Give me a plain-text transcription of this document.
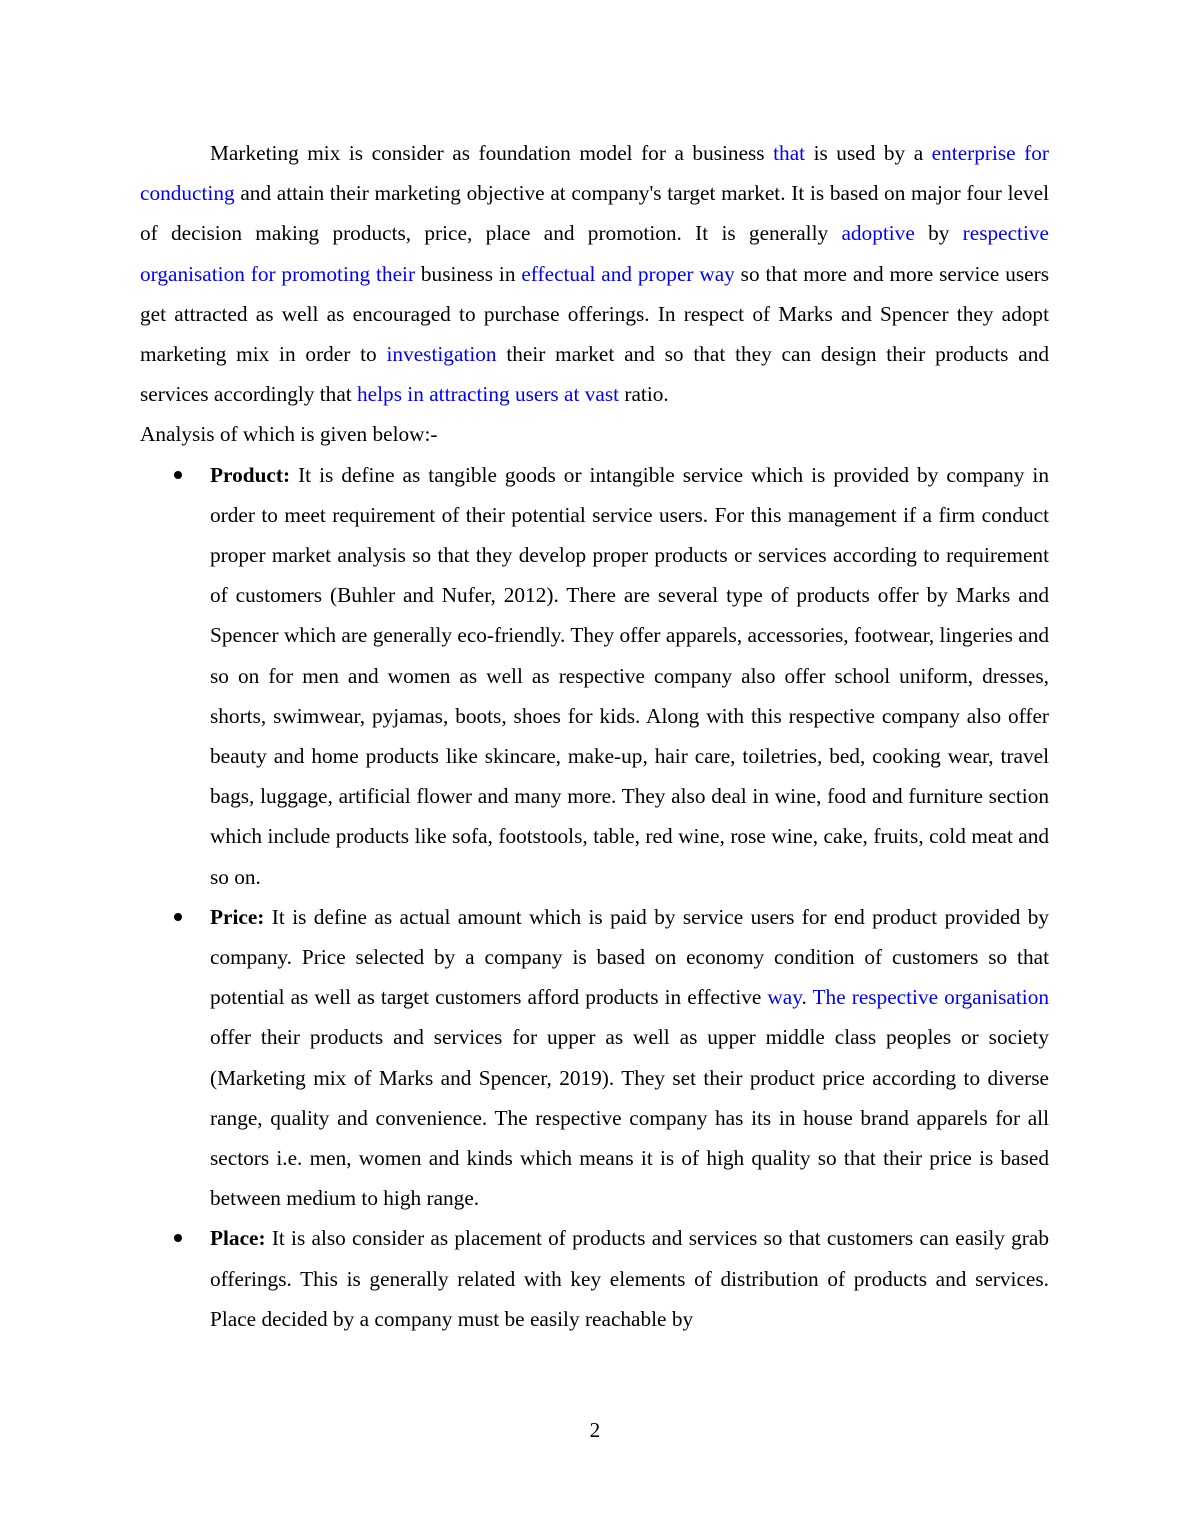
Marketing mix is consider as foundation model for a business that is used by a enterprise for conducting and attain their marketing objective at company's target market. It is based on major four level of decision making products, price, place and promotion. It is generally adoptive by respective organisation for promoting their business in effectual and proper way so that more and more service users get attracted as well as encouraged to purchase offerings. In respect of Marks and Spencer they adopt marketing mix in order to investigation their market and so that they can design their products and services accordingly that helps in attracting users at vast ratio.

Analysis of which is given below:-

Product: It is define as tangible goods or intangible service which is provided by company in order to meet requirement of their potential service users. For this management if a firm conduct proper market analysis so that they develop proper products or services according to requirement of customers (Buhler and Nufer, 2012). There are several type of products offer by Marks and Spencer which are generally eco-friendly. They offer apparels, accessories, footwear, lingeries and so on for men and women as well as respective company also offer school uniform, dresses, shorts, swimwear, pyjamas, boots, shoes for kids. Along with this respective company also offer beauty and home products like skincare, make-up, hair care, toiletries, bed, cooking wear, travel bags, luggage, artificial flower and many more. They also deal in wine, food and furniture section which include products like sofa, footstools, table, red wine, rose wine, cake, fruits, cold meat and so on.
Price: It is define as actual amount which is paid by service users for end product provided by company. Price selected by a company is based on economy condition of customers so that potential as well as target customers afford products in effective way. The respective organisation offer their products and services for upper as well as upper middle class peoples or society (Marketing mix of Marks and Spencer, 2019). They set their product price according to diverse range, quality and convenience. The respective company has its in house brand apparels for all sectors i.e. men, women and kinds which means it is of high quality so that their price is based between medium to high range.
Place: It is also consider as placement of products and services so that customers can easily grab offerings. This is generally related with key elements of distribution of products and services. Place decided by a company must be easily reachable by
2
